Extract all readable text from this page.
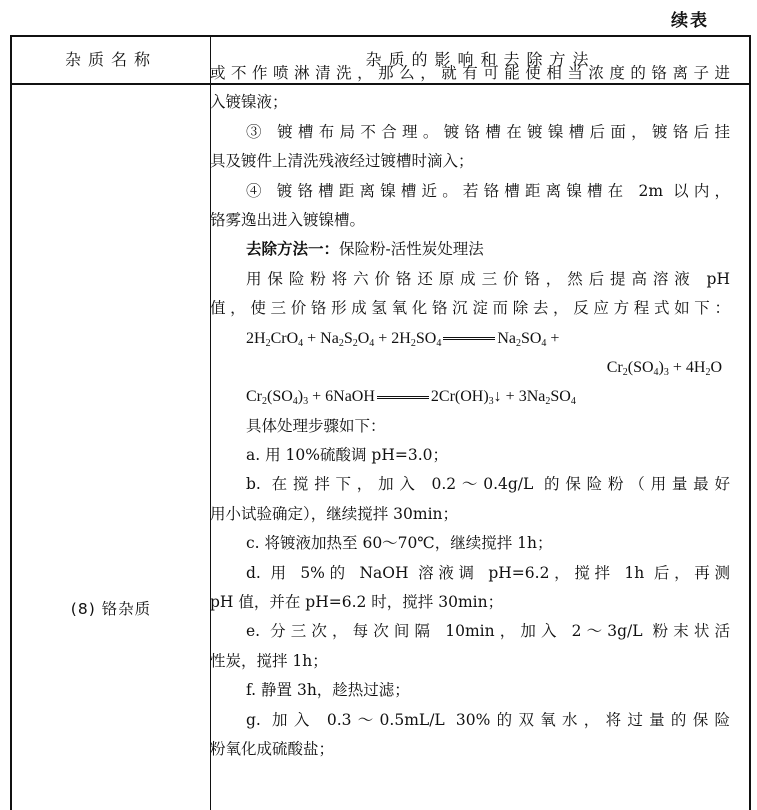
续表
杂质名称	杂质的影响和去除方法
(8) 铬杂质
或不作喷淋清洗，那么，就有可能使相当浓度的铬离子进
入镀镍液；
③ 镀槽布局不合理。镀铬槽在镀镍槽后面，镀铬后挂
具及镀件上清洗残液经过镀槽时滴入；
④ 镀铬槽距离镍槽近。若铬槽距离镍槽在 2m 以内，
铬雾逸出进入镀镍槽。
去除方法一：保险粉-活性炭处理法
用保险粉将六价铬还原成三价铬，然后提高溶液 pH
值，使三价铬形成氢氧化铬沉淀而除去，反应方程式如下：
$2H_2CrO_4 + Na_2S_2O_4 + 2H_2SO_4$	$Na_2SO_4$ +
$Cr_2(SO_4)_3 + 4H_2O$
$Cr_2(SO_4)_3$ + 6NaOH	$2Cr(OH)_3↓ + 3Na_2SO_4$
具体处理步骤如下：
a. 用 10%硫酸调 pH=3.0；
b. 在搅拌下，加入 0.2～0.4g/L 的保险粉（用量最好
用小试验确定），继续搅拌 30min；
c. 将镀液加热至 60～70℃，继续搅拌 1h；
d. 用 5%的 NaOH 溶液调 pH=6.2，搅拌 1h 后，再测
pH 值，并在 pH=6.2 时，搅拌 30min；
e. 分三次，每次间隔 10min，加入 2～3g/L 粉末状活
性炭，搅拌 1h；
f. 静置 3h，趁热过滤；
g. 加入 0.3～0.5mL/L 30%的双氧水，将过量的保险
粉氧化成硫酸盐；
